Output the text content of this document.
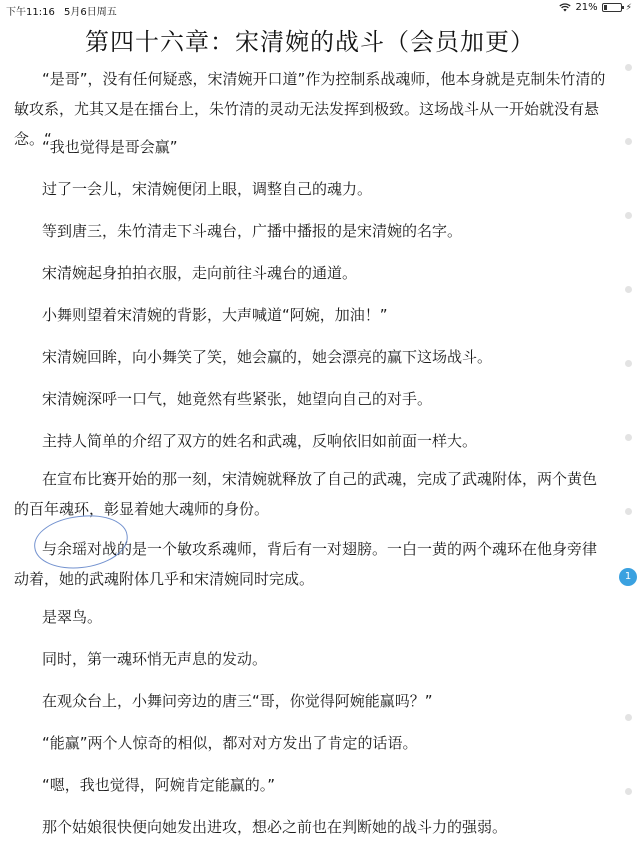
下午11:16 5月6日周五	21%	⚡
第四十六章：宋清婉的战斗（会员加更）

“是哥”，没有任何疑惑，宋清婉开口道”作为控制系战魂师，他本身就是克制朱竹清的敏攻系，尤其又是在擂台上，朱竹清的灵动无法发挥到极致。这场战斗从一开始就没有悬念。“

“我也觉得是哥会赢”

过了一会儿，宋清婉便闭上眼，调整自己的魂力。

等到唐三，朱竹清走下斗魂台，广播中播报的是宋清婉的名字。

宋清婉起身拍拍衣服，走向前往斗魂台的通道。

小舞则望着宋清婉的背影，大声喊道“阿婉，加油！”

宋清婉回眸，向小舞笑了笑，她会赢的，她会漂亮的赢下这场战斗。

宋清婉深呼一口气，她竟然有些紧张，她望向自己的对手。

主持人简单的介绍了双方的姓名和武魂，反响依旧如前面一样大。

在宣布比赛开始的那一刻，宋清婉就释放了自己的武魂，完成了武魂附体，两个黄色的百年魂环，彰显着她大魂师的身份。

与余瑶对战的是一个敏攻系魂师，背后有一对翅膀。一白一黄的两个魂环在他身旁律动着，她的武魂附体几乎和宋清婉同时完成。

是翠鸟。

同时，第一魂环悄无声息的发动。

在观众台上，小舞问旁边的唐三“哥，你觉得阿婉能赢吗？”

“能赢”两个人惊奇的相似，都对对方发出了肯定的话语。

“嗯，我也觉得，阿婉肯定能赢的。”

那个姑娘很快便向她发出进攻，想必之前也在判断她的战斗力的强弱。

1
